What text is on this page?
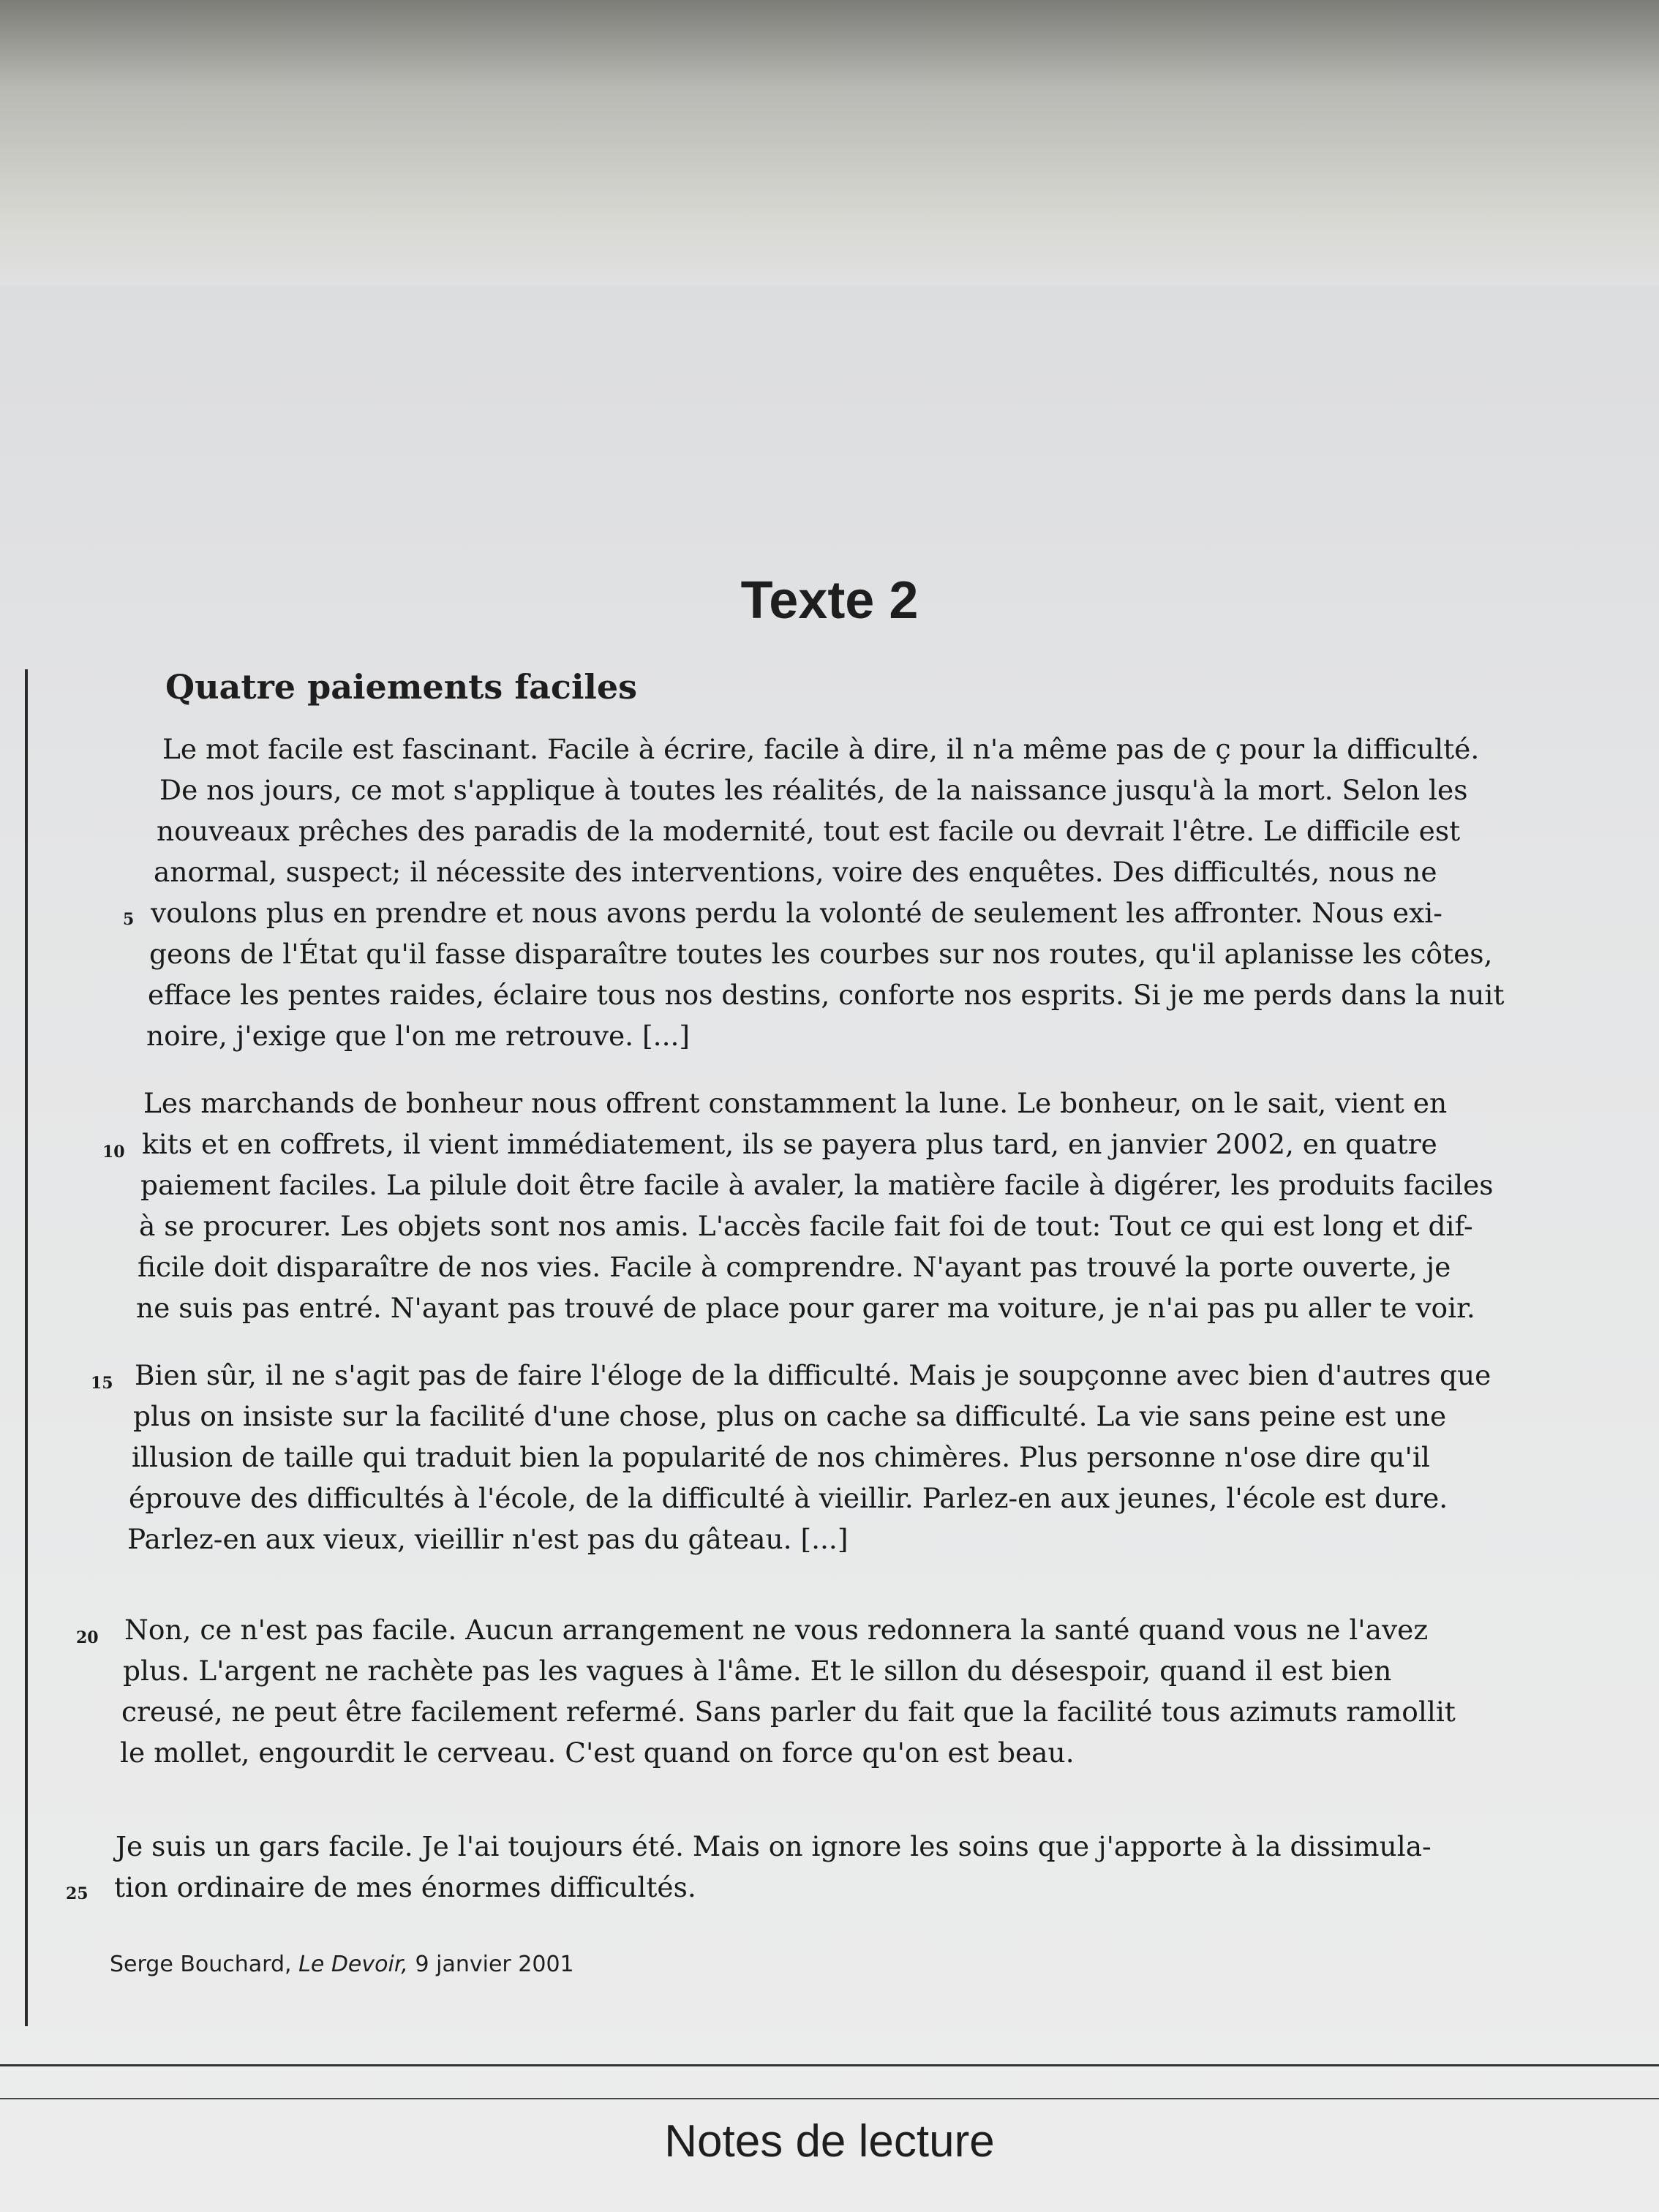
Texte 2
Quatre paiements faciles
Le mot facile est fascinant. Facile à écrire, facile à dire, il n'a même pas de ç pour la difficulté.
De nos jours, ce mot s'applique à toutes les réalités, de la naissance jusqu'à la mort. Selon les
nouveaux prêches des paradis de la modernité, tout est facile ou devrait l'être. Le difficile est
anormal, suspect; il nécessite des interventions, voire des enquêtes. Des difficultés, nous ne
voulons plus en prendre et nous avons perdu la volonté de seulement les affronter. Nous exi-
geons de l'État qu'il fasse disparaître toutes les courbes sur nos routes, qu'il aplanisse les côtes,
efface les pentes raides, éclaire tous nos destins, conforte nos esprits. Si je me perds dans la nuit
noire, j'exige que l'on me retrouve. [...]
Les marchands de bonheur nous offrent constamment la lune. Le bonheur, on le sait, vient en
kits et en coffrets, il vient immédiatement, ils se payera plus tard, en janvier 2002, en quatre
paiement faciles. La pilule doit être facile à avaler, la matière facile à digérer, les produits faciles
à se procurer. Les objets sont nos amis. L'accès facile fait foi de tout: Tout ce qui est long et dif-
ficile doit disparaître de nos vies. Facile à comprendre. N'ayant pas trouvé la porte ouverte, je
ne suis pas entré. N'ayant pas trouvé de place pour garer ma voiture, je n'ai pas pu aller te voir.
Bien sûr, il ne s'agit pas de faire l'éloge de la difficulté. Mais je soupçonne avec bien d'autres que
plus on insiste sur la facilité d'une chose, plus on cache sa difficulté. La vie sans peine est une
illusion de taille qui traduit bien la popularité de nos chimères. Plus personne n'ose dire qu'il
éprouve des difficultés à l'école, de la difficulté à vieillir. Parlez-en aux jeunes, l'école est dure.
Parlez-en aux vieux, vieillir n'est pas du gâteau. [...]
Non, ce n'est pas facile. Aucun arrangement ne vous redonnera la santé quand vous ne l'avez
plus. L'argent ne rachète pas les vagues à l'âme. Et le sillon du désespoir, quand il est bien
creusé, ne peut être facilement refermé. Sans parler du fait que la facilité tous azimuts ramollit
le mollet, engourdit le cerveau. C'est quand on force qu'on est beau.
Je suis un gars facile. Je l'ai toujours été. Mais on ignore les soins que j'apporte à la dissimula-
tion ordinaire de mes énormes difficultés.
5
10
15
20
25
Serge Bouchard, Le Devoir, 9 janvier 2001
Notes de lecture
